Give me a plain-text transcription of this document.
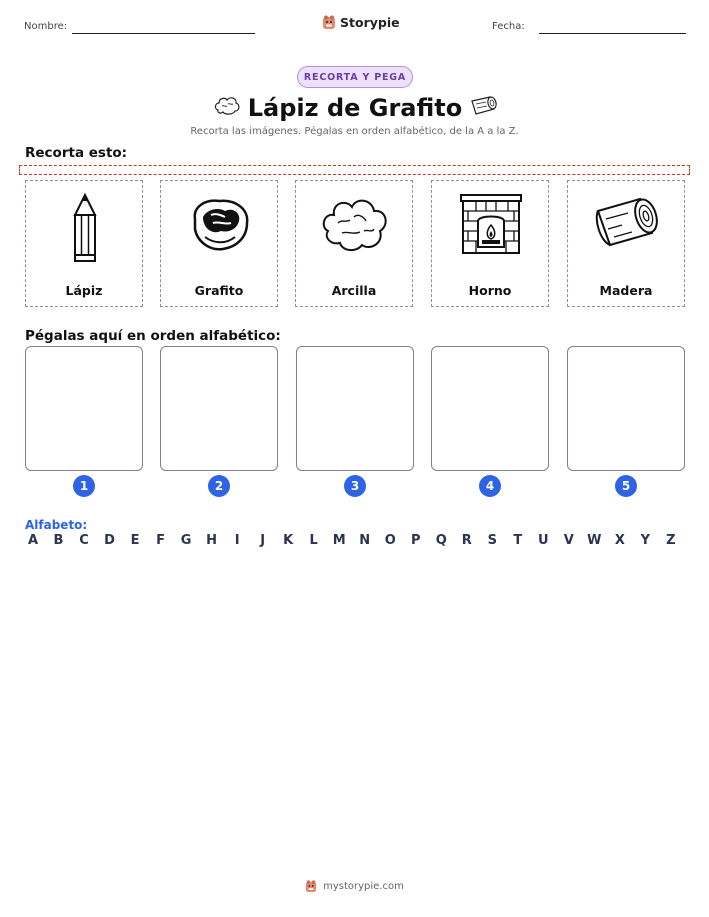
Nombre:	Storypie	Fecha:
RECORTA Y PEGA
Lápiz de Grafito
Recorta las imágenes. Pégalas en orden alfabético, de la A a la Z.
Recorta esto:
Lápiz	Grafito	Arcilla	Horno	Madera
Pégalas aquí en orden alfabético:
1	2	3	4	5
Alfabeto:
A B C D E F G H	I	J	K L M N O P Q R S T U V W X Y Z
mystorypie.com
